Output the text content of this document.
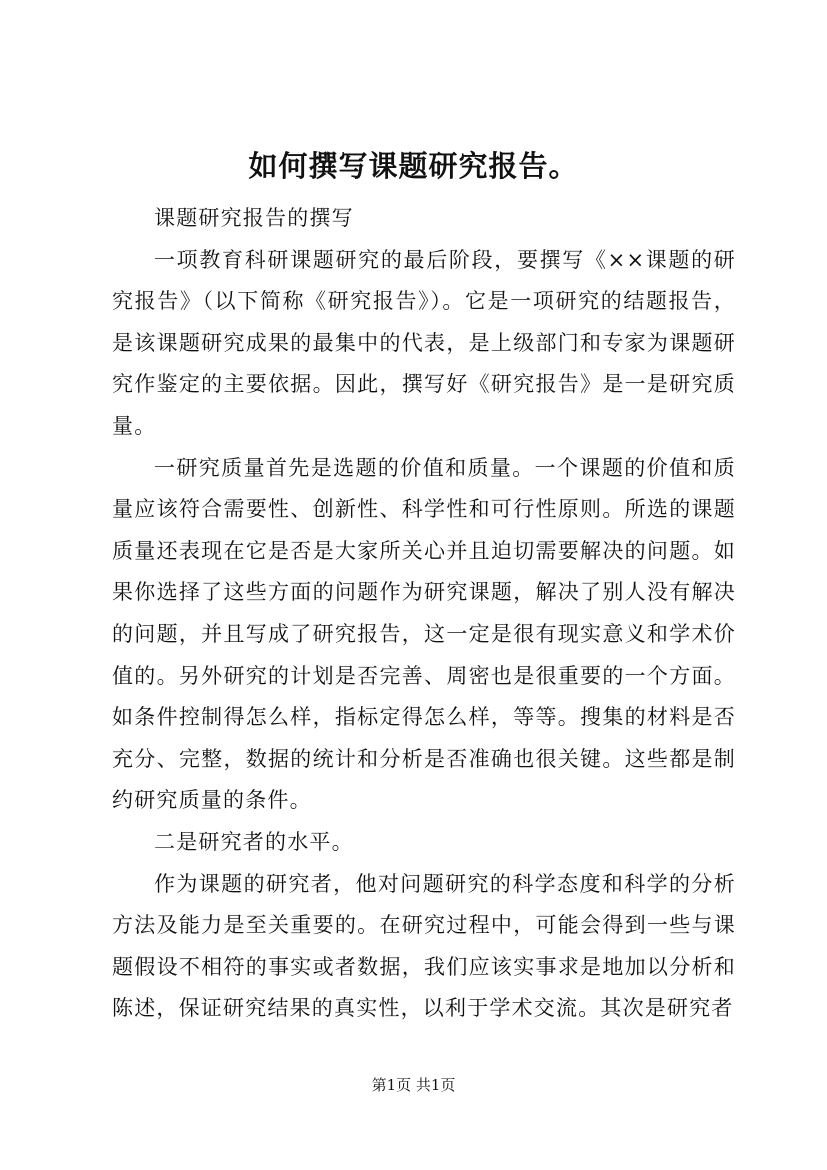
如何撰写课题研究报告。

课题研究报告的撰写

一项教育科研课题研究的最后阶段，要撰写《××课题的研究报告》（以下简称《研究报告》）。它是一项研究的结题报告，是该课题研究成果的最集中的代表，是上级部门和专家为课题研究作鉴定的主要依据。因此，撰写好《研究报告》是一是研究质量。

一研究质量首先是选题的价值和质量。一个课题的价值和质量应该符合需要性、创新性、科学性和可行性原则。所选的课题质量还表现在它是否是大家所关心并且迫切需要解决的问题。如果你选择了这些方面的问题作为研究课题，解决了别人没有解决的问题，并且写成了研究报告，这一定是很有现实意义和学术价值的。另外研究的计划是否完善、周密也是很重要的一个方面。如条件控制得怎么样，指标定得怎么样，等等。搜集的材料是否充分、完整，数据的统计和分析是否准确也很关键。这些都是制约研究质量的条件。

二是研究者的水平。

作为课题的研究者，他对问题研究的科学态度和科学的分析方法及能力是至关重要的。在研究过程中，可能会得到一些与课题假设不相符的事实或者数据，我们应该实事求是地加以分析和陈述，保证研究结果的真实性，以利于学术交流。其次是研究者

第1页 共1页
